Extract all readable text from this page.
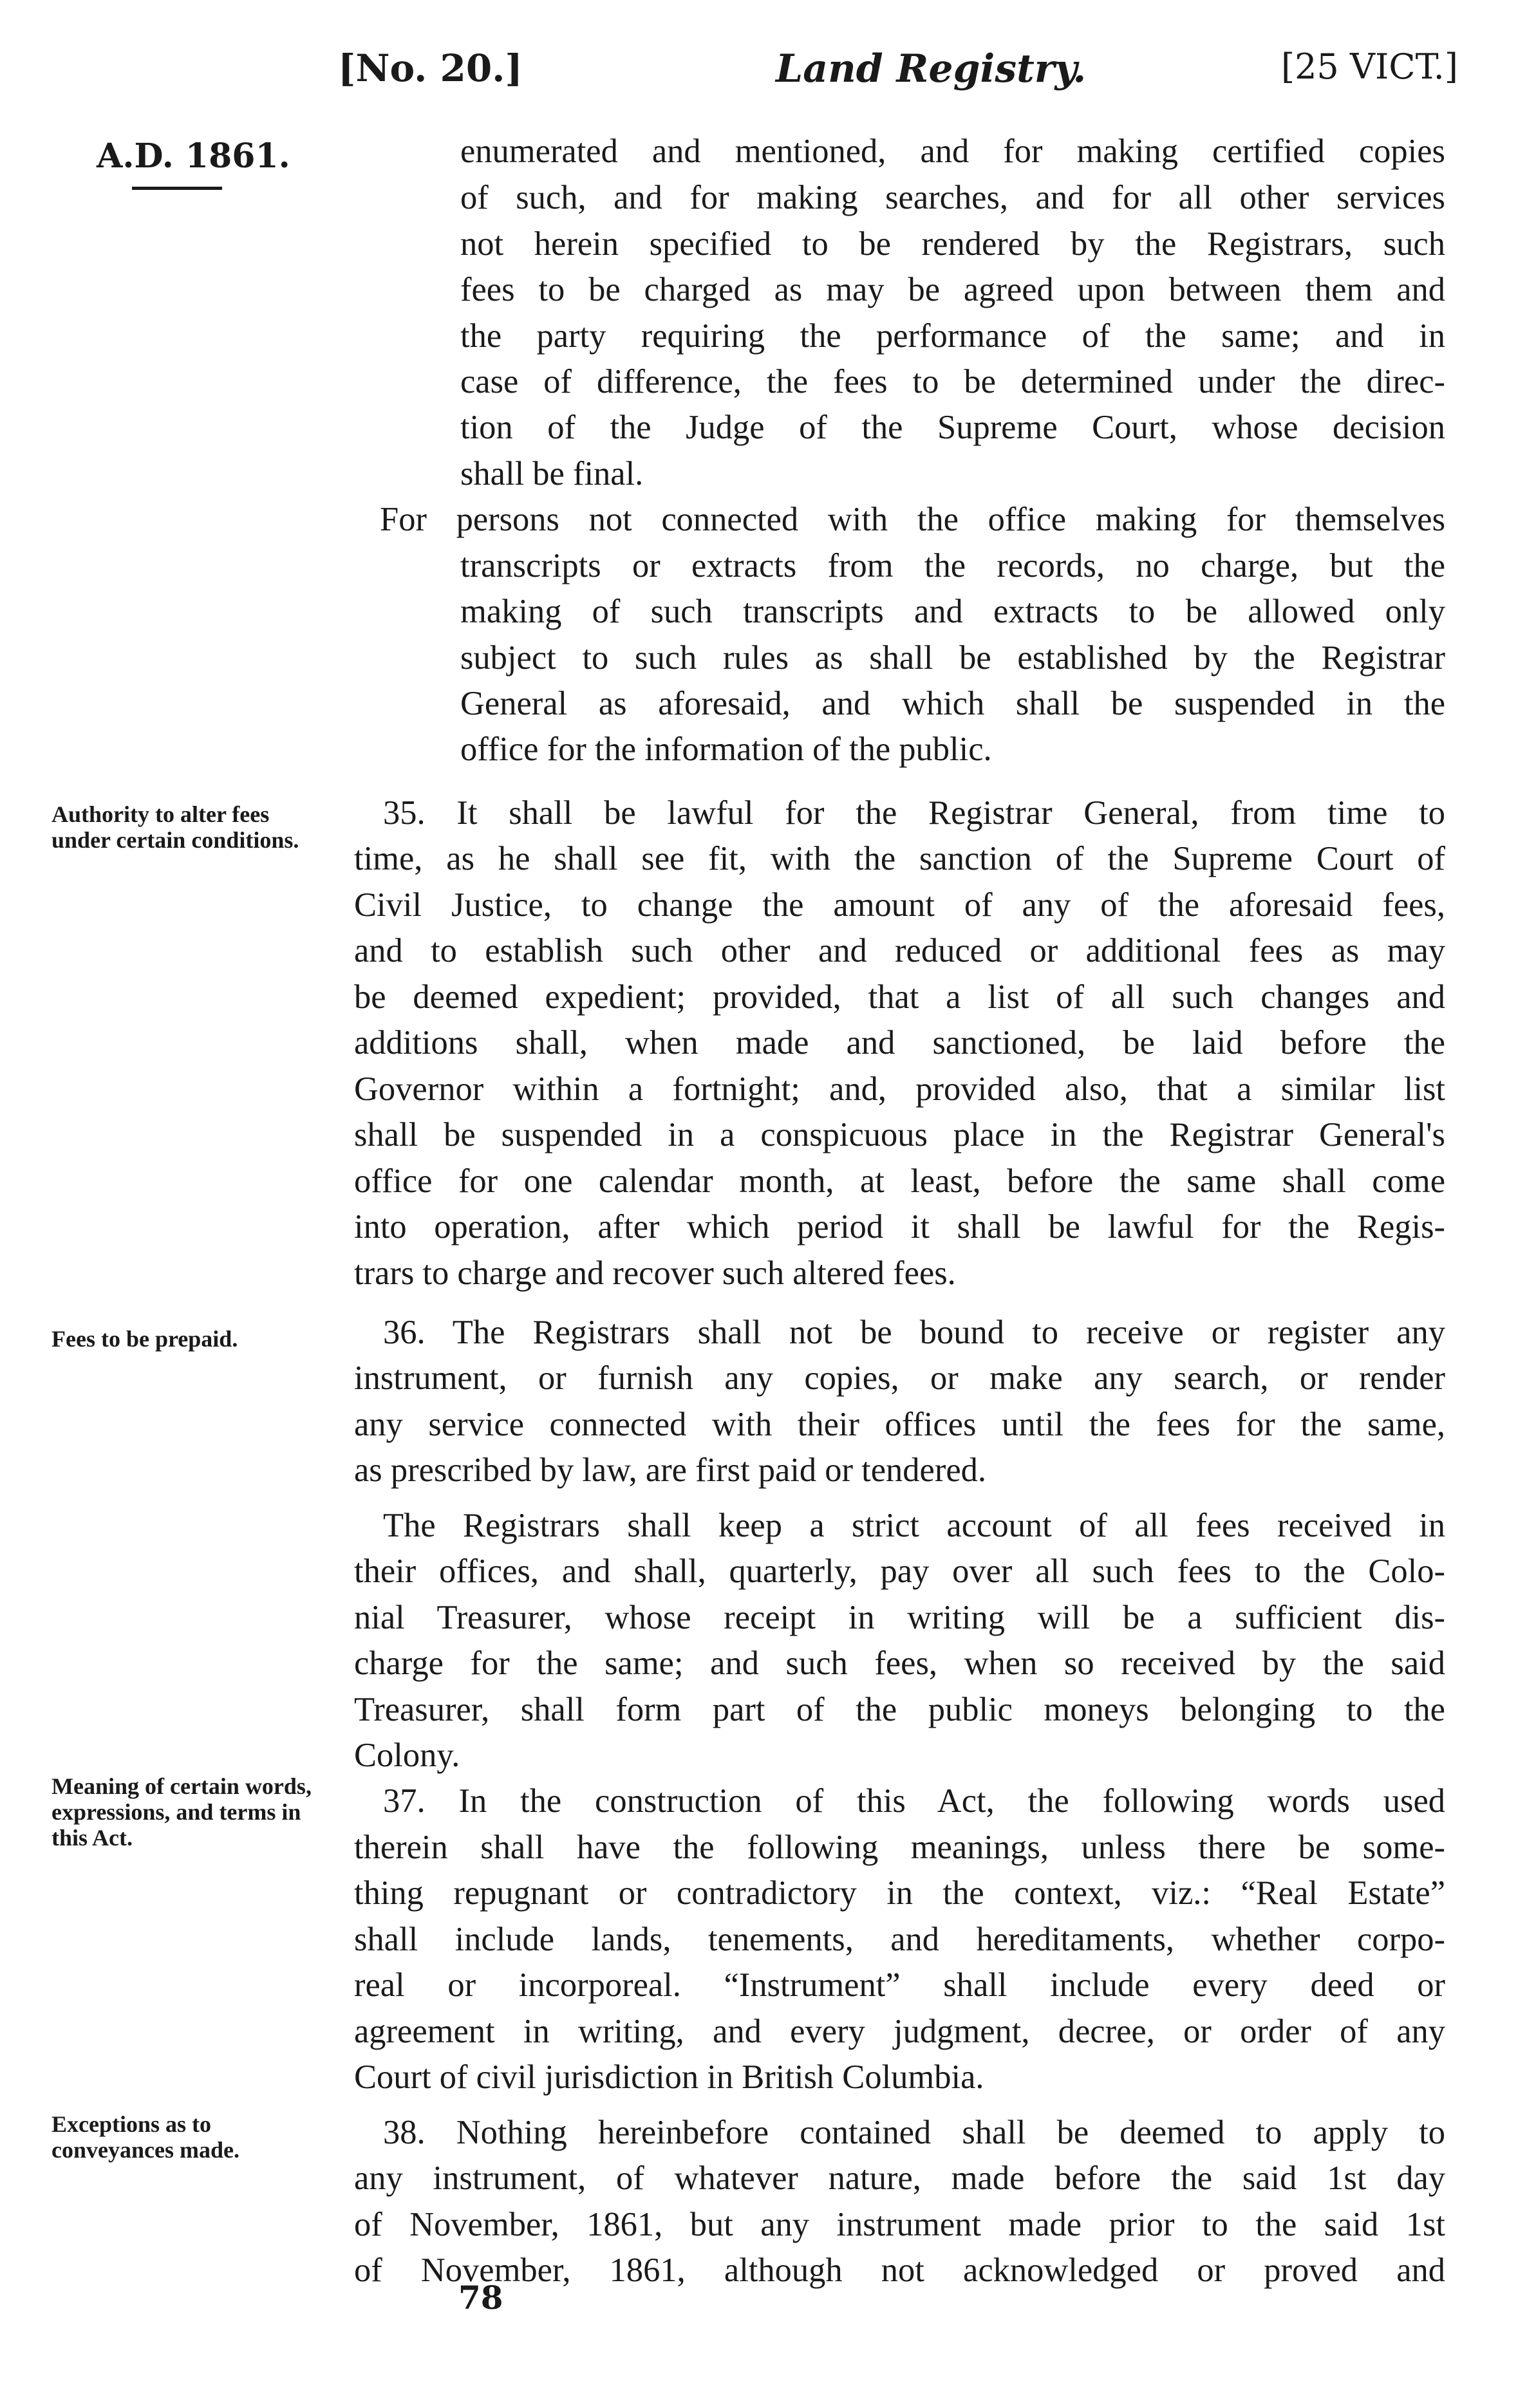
[No. 20.]	Land Registry.	[25 VICT.]
A.D. 1861.
Authority to alter fees under certain conditions.
Fees to be prepaid.
Meaning of certain words, expressions, and terms in this Act.
Exceptions as to conveyances made.
enumerated and mentioned, and for making certified copies
of such, and for making searches, and for all other services
not herein specified to be rendered by the Registrars, such
fees to be charged as may be agreed upon between them and
the party requiring the performance of the same; and in
case of difference, the fees to be determined under the direc-
tion of the Judge of the Supreme Court, whose decision
shall be final.
For persons not connected with the office making for themselves
transcripts or extracts from the records, no charge, but the
making of such transcripts and extracts to be allowed only
subject to such rules as shall be established by the Registrar
General as aforesaid, and which shall be suspended in the
office for the information of the public.
35. It shall be lawful for the Registrar General, from time to
time, as he shall see fit, with the sanction of the Supreme Court of
Civil Justice, to change the amount of any of the aforesaid fees,
and to establish such other and reduced or additional fees as may
be deemed expedient; provided, that a list of all such changes and
additions shall, when made and sanctioned, be laid before the
Governor within a fortnight; and, provided also, that a similar list
shall be suspended in a conspicuous place in the Registrar General's
office for one calendar month, at least, before the same shall come
into operation, after which period it shall be lawful for the Regis-
trars to charge and recover such altered fees.
36. The Registrars shall not be bound to receive or register any
instrument, or furnish any copies, or make any search, or render
any service connected with their offices until the fees for the same,
as prescribed by law, are first paid or tendered.
The Registrars shall keep a strict account of all fees received in
their offices, and shall, quarterly, pay over all such fees to the Colo-
nial Treasurer, whose receipt in writing will be a sufficient dis-
charge for the same; and such fees, when so received by the said
Treasurer, shall form part of the public moneys belonging to the
Colony.
37. In the construction of this Act, the following words used
therein shall have the following meanings, unless there be some-
thing repugnant or contradictory in the context, viz.: “Real Estate”
shall include lands, tenements, and hereditaments, whether corpo-
real or incorporeal. “Instrument” shall include every deed or
agreement in writing, and every judgment, decree, or order of any
Court of civil jurisdiction in British Columbia.
38. Nothing hereinbefore contained shall be deemed to apply to
any instrument, of whatever nature, made before the said 1st day
of November, 1861, but any instrument made prior to the said 1st
of November, 1861, although not acknowledged or proved and
78
